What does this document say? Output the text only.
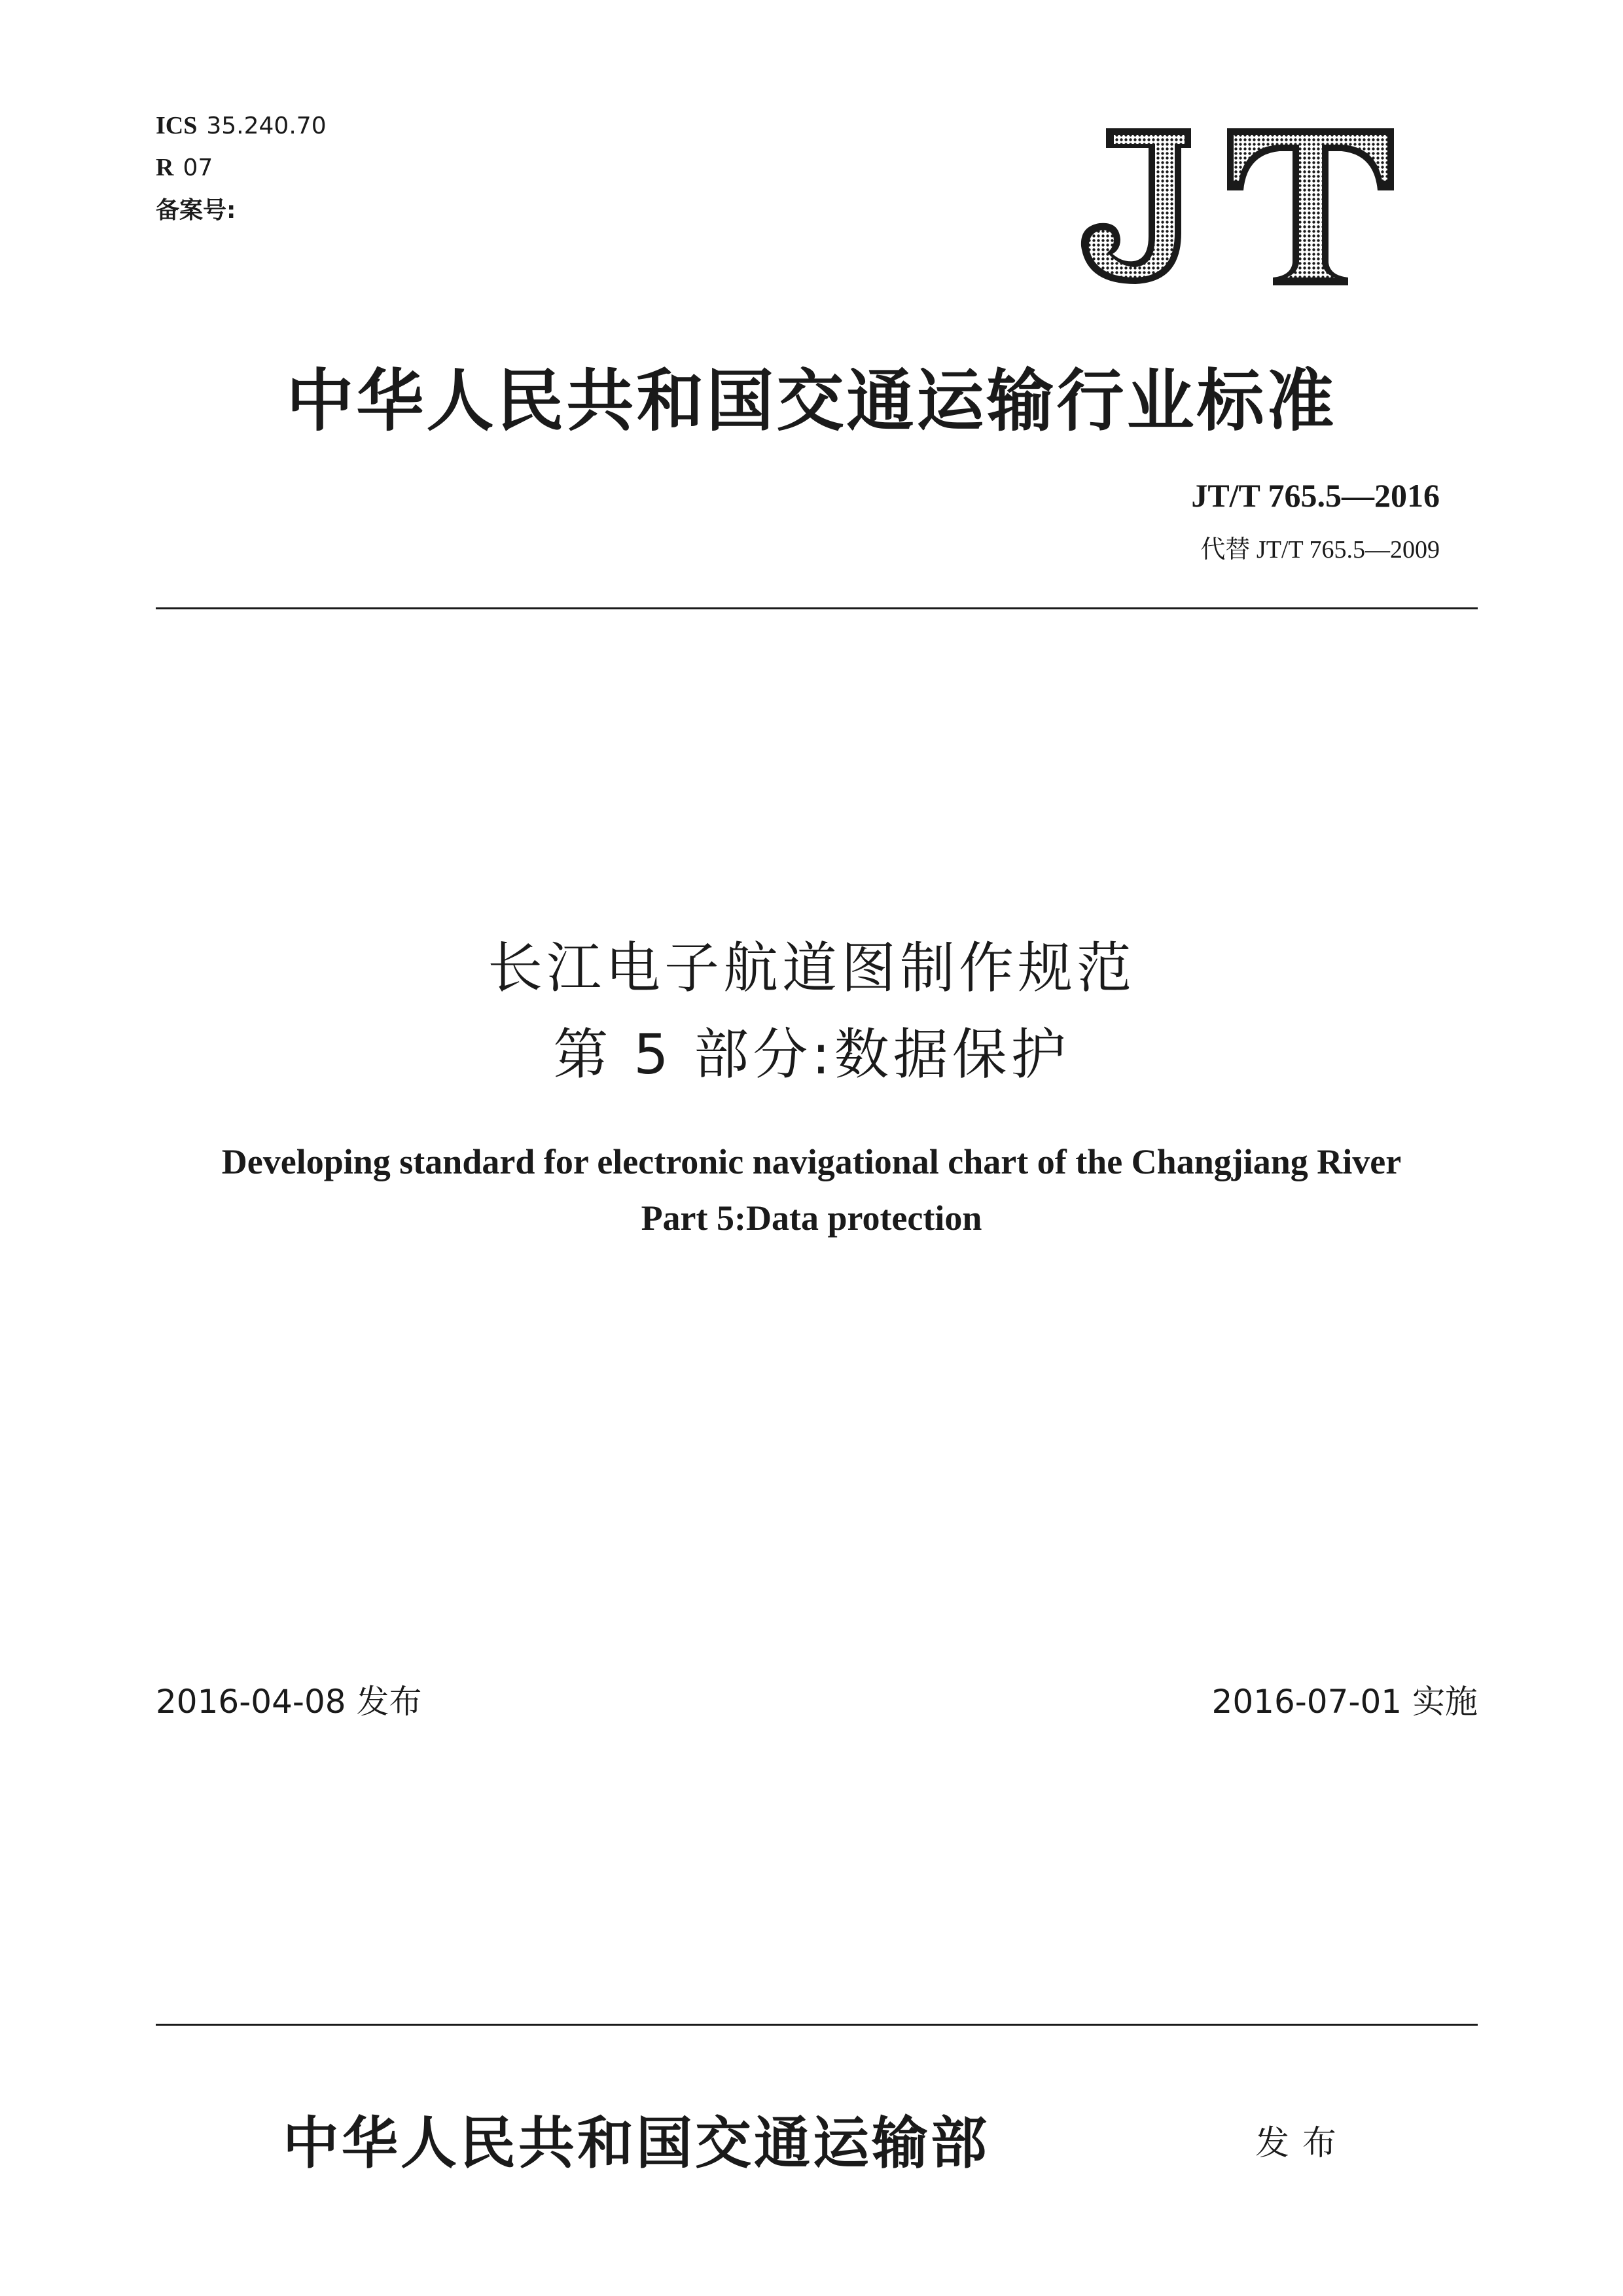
ICS 35.240.70
R 07
备案号:
中华人民共和国交通运输行业标准
JT/T 765.5—2016
代替 JT/T 765.5—2009
长江电子航道图制作规范
第 5 部分:数据保护
Developing standard for electronic navigational chart of the Changjiang River
Part 5:Data protection
2016-04-08 发布	2016-07-01 实施
中华人民共和国交通运输部	发布
